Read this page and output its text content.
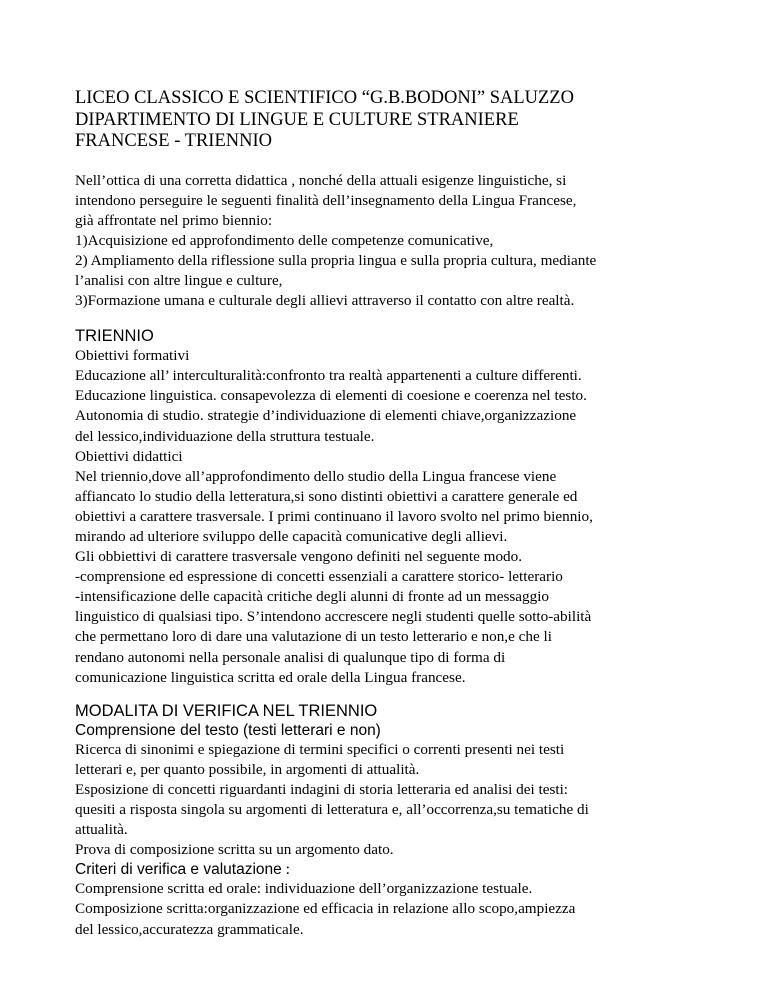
LICEO CLASSICO E SCIENTIFICO “G.B.BODONI” SALUZZO
DIPARTIMENTO DI LINGUE E CULTURE STRANIERE
FRANCESE - TRIENNIO
Nell’ottica di una corretta didattica , nonché della attuali esigenze linguistiche, si
intendono perseguire le seguenti finalità dell’insegnamento della Lingua Francese,
già affrontate nel primo biennio:
1)Acquisizione ed approfondimento delle competenze comunicative,
2) Ampliamento della riflessione sulla propria lingua e sulla propria cultura, mediante
l’analisi con altre lingue e culture,
3)Formazione umana e culturale degli allievi attraverso il contatto con altre realtà.
TRIENNIO
Obiettivi formativi
Educazione all’ interculturalità:confronto tra realtà appartenenti a culture differenti.
Educazione linguistica. consapevolezza di elementi di coesione e coerenza nel testo.
Autonomia di studio. strategie d’individuazione di elementi chiave,organizzazione
del lessico,individuazione della struttura testuale.
Obiettivi didattici
Nel triennio,dove all’approfondimento dello studio della Lingua francese viene
affiancato lo studio della letteratura,si sono distinti obiettivi a carattere generale ed
obiettivi a carattere trasversale. I primi continuano il lavoro svolto nel primo biennio,
mirando ad ulteriore sviluppo delle capacità comunicative degli allievi.
Gli obbiettivi di carattere trasversale vengono definiti nel seguente modo.
-comprensione ed espressione di concetti essenziali a carattere storico- letterario
-intensificazione delle capacità critiche degli alunni di fronte ad un messaggio
linguistico di qualsiasi tipo. S’intendono accrescere negli studenti quelle sotto-abilità
che permettano loro di dare una valutazione di un testo letterario e non,e che li
rendano autonomi nella personale analisi di qualunque tipo di forma di
comunicazione linguistica scritta ed orale della Lingua francese.
MODALITA DI VERIFICA NEL TRIENNIO
Comprensione del testo (testi letterari e non)
Ricerca di sinonimi e spiegazione di termini specifici o correnti presenti nei testi
letterari e, per quanto possibile, in argomenti di attualità.
Esposizione di concetti riguardanti indagini di storia letteraria ed analisi dei testi:
quesiti a risposta singola su argomenti di letteratura e, all’occorrenza,su tematiche di
attualità.
Prova di composizione scritta su un argomento dato.
Criteri di verifica e valutazione :
Comprensione scritta ed orale: individuazione dell’organizzazione testuale.
Composizione scritta:organizzazione ed efficacia in relazione allo scopo,ampiezza
del lessico,accuratezza grammaticale.
